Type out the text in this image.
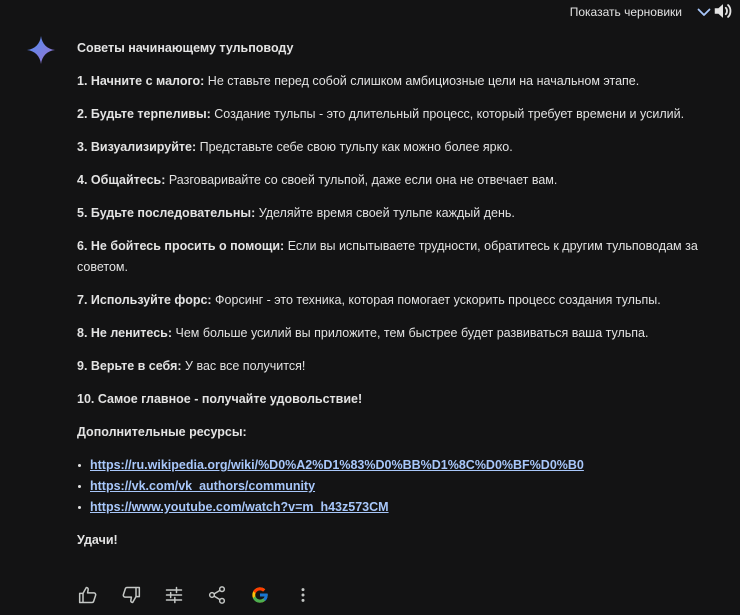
Показать черновики
Советы начинающему тульповоду
1. Начните с малого: Не ставьте перед собой слишком амбициозные цели на начальном этапе.
2. Будьте терпеливы: Создание тульпы - это длительный процесс, который требует времени и усилий.
3. Визуализируйте: Представьте себе свою тульпу как можно более ярко.
4. Общайтесь: Разговаривайте со своей тульпой, даже если она не отвечает вам.
5. Будьте последовательны: Уделяйте время своей тульпе каждый день.
6. Не бойтесь просить о помощи: Если вы испытываете трудности, обратитесь к другим тульповодам за советом.
7. Используйте форс: Форсинг - это техника, которая помогает ускорить процесс создания тульпы.
8. Не ленитесь: Чем больше усилий вы приложите, тем быстрее будет развиваться ваша тульпа.
9. Верьте в себя: У вас все получится!
10. Самое главное - получайте удовольствие!
Дополнительные ресурсы:
https://ru.wikipedia.org/wiki/%D0%A2%D1%83%D0%BB%D1%8C%D0%BF%D0%B0
https://vk.com/vk_authors/community
https://www.youtube.com/watch?v=m_h43z573CM
Удачи!
